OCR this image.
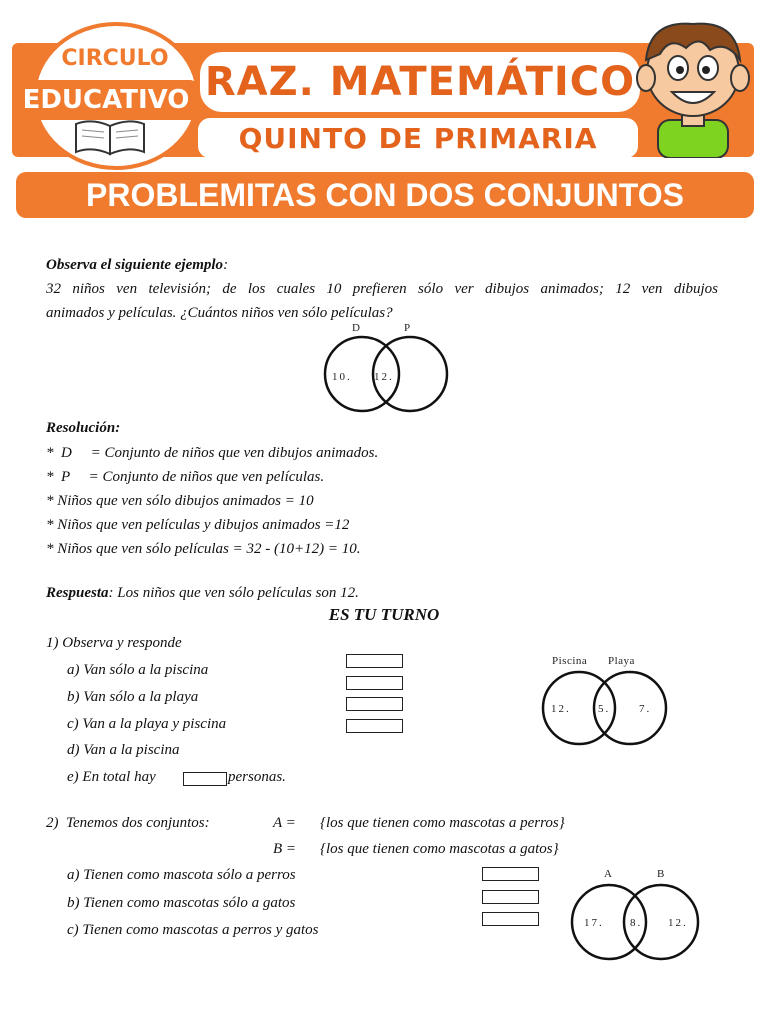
RAZ. MATEMÁTICO
QUINTO DE PRIMARIA
CIRCULO
EDUCATIVO
PROBLEMITAS CON DOS CONJUNTOS
Observa el siguiente ejemplo:
32 niños ven televisión; de los cuales 10 prefieren sólo ver dibujos animados; 12 ven dibujos
animados y películas. ¿Cuántos niños ven sólo películas?
D	P
10. 12.
Resolución:
*  D     = Conjunto de niños que ven dibujos animados.
*  P     = Conjunto de niños que ven películas.
* Niños que ven sólo dibujos animados = 10
* Niños que ven películas y dibujos animados =12
* Niños que ven sólo películas = 32 - (10+12) = 10.
Respuesta: Los niños que ven sólo películas son 12.
ES TU TURNO
1) Observa y responde
a) Van sólo a la piscina
b) Van sólo a la playa
c) Van a la playa y piscina
d) Van a la piscina
e) En total hay	personas.
Piscina Playa
12. 5.	7.
2)  Tenemos dos conjuntos:	A = {los que tienen como mascotas a perros}
B = {los que tienen como mascotas a gatos}
a) Tienen como mascota sólo a perros
b) Tienen como mascotas sólo a gatos
c) Tienen como mascotas a perros y gatos
A	B
17. 8. 12.
